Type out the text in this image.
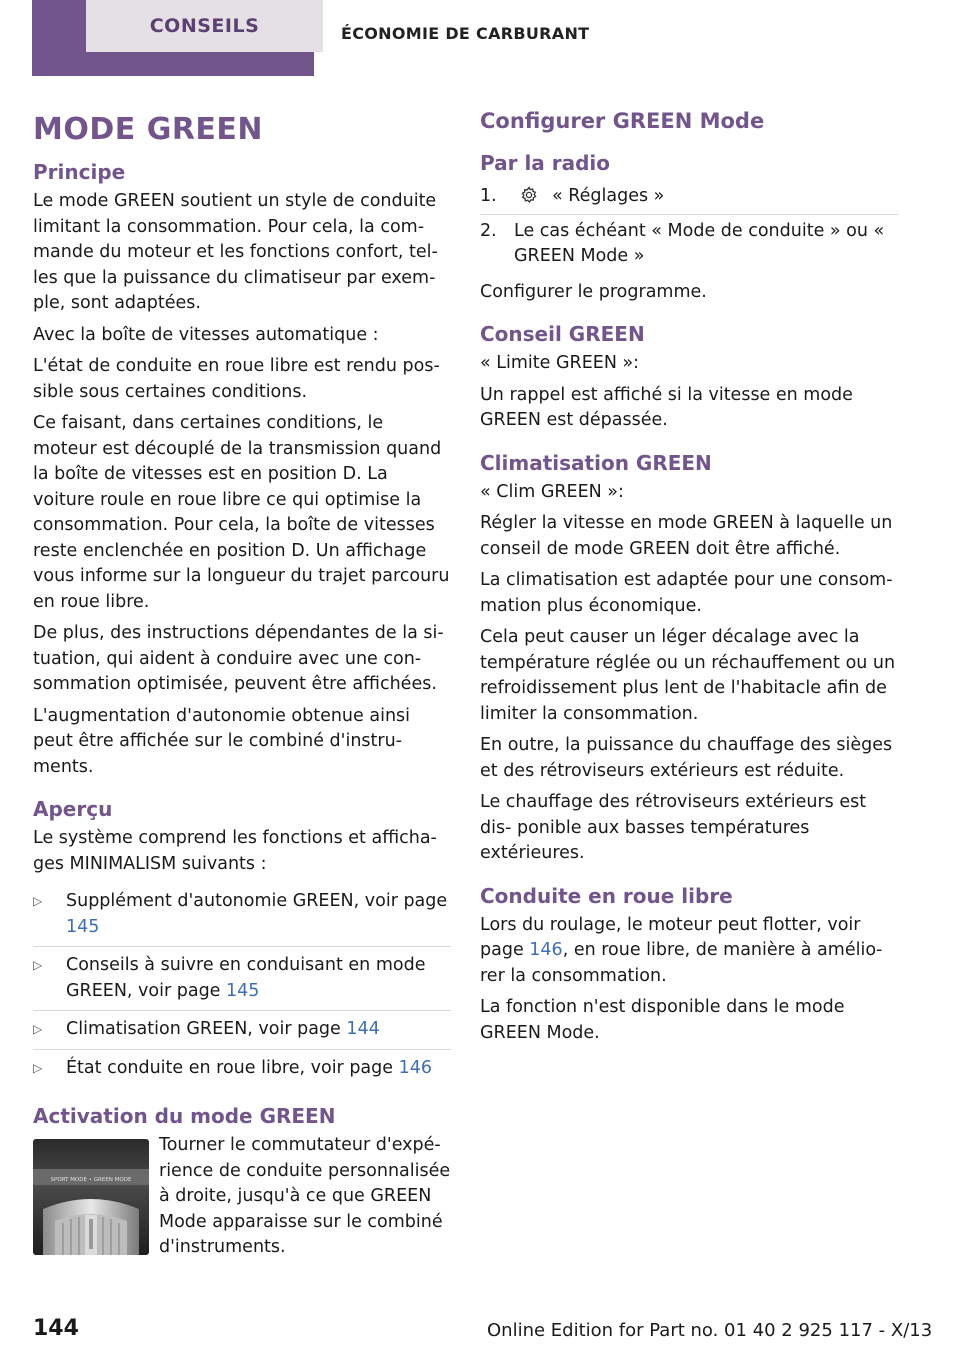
CONSEILS	ÉCONOMIE DE CARBURANT
MODE GREEN
Principe

Le mode GREEN soutient un style de conduite limitant la consommation. Pour cela, la com‐ mande du moteur et les fonctions confort, tel‐ les que la puissance du climatiseur par exem‐ ple, sont adaptées.

Avec la boîte de vitesses automatique :

L'état de conduite en roue libre est rendu pos‐ sible sous certaines conditions.

Ce faisant, dans certaines conditions, le moteur est découplé de la transmission quand la boîte de vitesses est en position D. La voiture roule en roue libre ce qui optimise la consommation. Pour cela, la boîte de vitesses reste enclenchée en position D. Un affichage vous informe sur la longueur du trajet parcouru en roue libre.

De plus, des instructions dépendantes de la si‐ tuation, qui aident à conduire avec une con‐ sommation optimisée, peuvent être affichées.

L'augmentation d'autonomie obtenue ainsi peut être affichée sur le combiné d'instru‐ ments.

Aperçu

Le système comprend les fonctions et afficha‐ ges MINIMALISM suivants :

▷ Supplément d'autonomie GREEN, voir page 145
▷ Conseils à suivre en conduisant en mode GREEN, voir page 145
▷ Climatisation GREEN, voir page 144
▷ État conduite en roue libre, voir page 146
Activation du mode GREEN
SPORT MODE • GREEN MODE

Tourner le commutateur d'expé‐ rience de conduite personnalisée à droite, jusqu'à ce que GREEN Mode apparaisse sur le combiné d'instruments.

Configurer GREEN Mode
Par la radio
1.	« Réglages »
2. Le cas échéant « Mode de conduite » ou « GREEN Mode »

Configurer le programme.

Conseil GREEN

« Limite GREEN »:

Un rappel est affiché si la vitesse en mode GREEN est dépassée.

Climatisation GREEN

« Clim GREEN »:

Régler la vitesse en mode GREEN à laquelle un conseil de mode GREEN doit être affiché.

La climatisation est adaptée pour une consom‐ mation plus économique.

Cela peut causer un léger décalage avec la température réglée ou un réchauffement ou un refroidissement plus lent de l'habitacle afin de limiter la consommation.

En outre, la puissance du chauffage des sièges et des rétroviseurs extérieurs est réduite.

Le chauffage des rétroviseurs extérieurs est dis‐ ponible aux basses températures extérieures.

Conduite en roue libre

Lors du roulage, le moteur peut flotter, voir page 146, en roue libre, de manière à amélio‐ rer la consommation.

La fonction n'est disponible dans le mode GREEN Mode.

144	Online Edition for Part no. 01 40 2 925 117 - X/13
